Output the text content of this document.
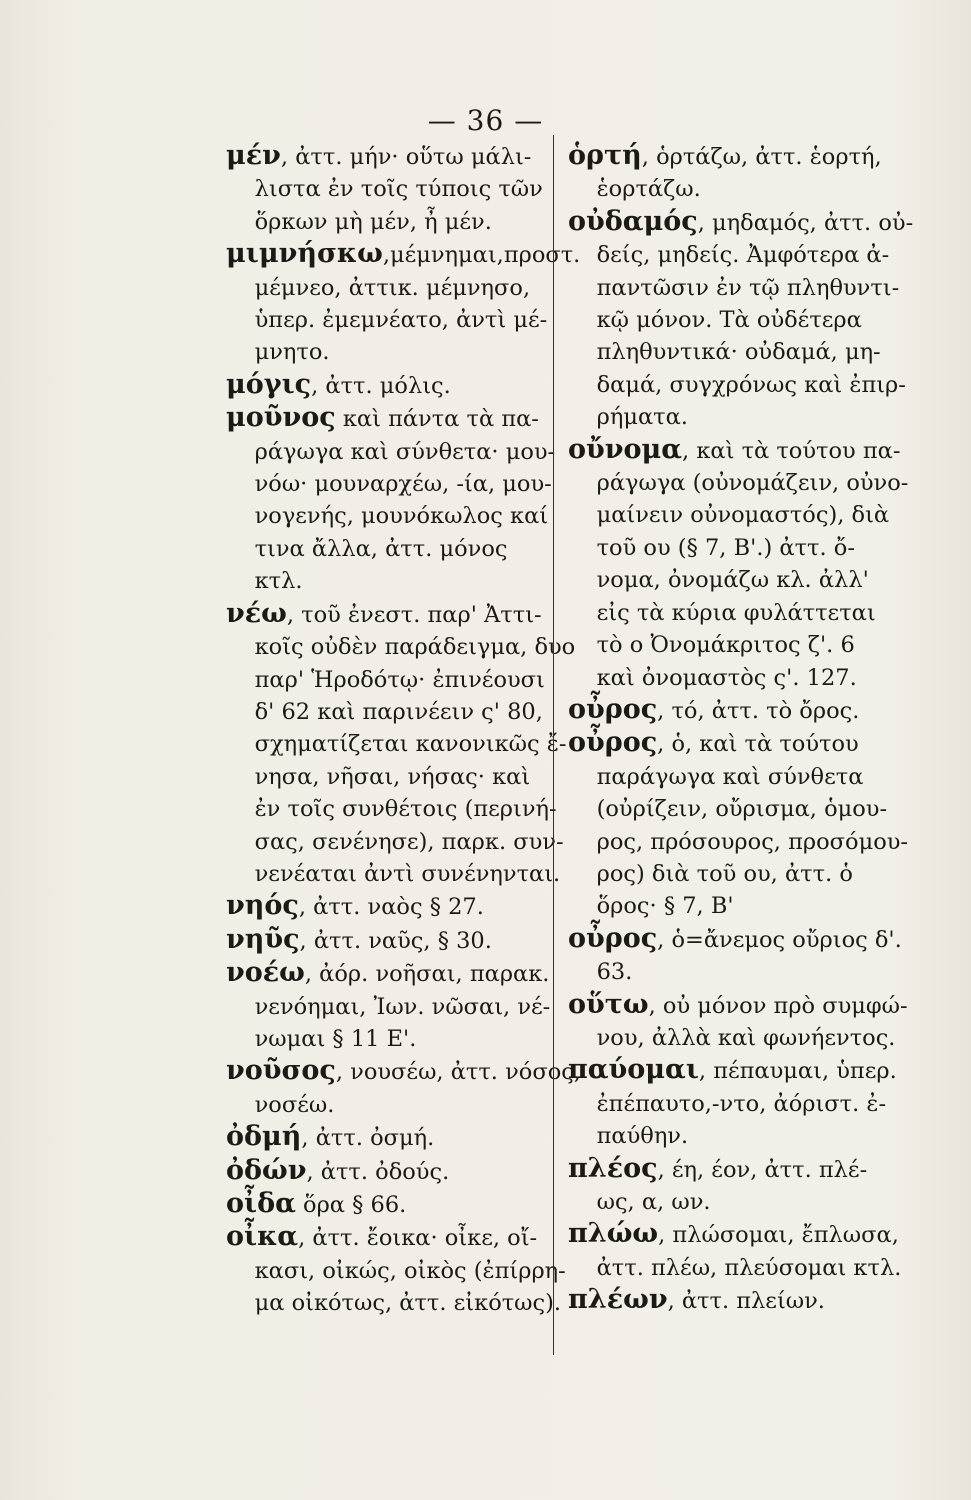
— 36 —
μέν, ἀττ. μήν· οὕτω μάλι-
λιστα ἐν τοῖς τύποις τῶν
ὅρκων μὴ μέν, ἦ μέν.
μιμνήσκω,μέμνημαι,προστ.
μέμνεο, ἀττικ. μέμνησο,
ὑπερ. ἐμεμνέατο, ἀντὶ μέ-
μνητο.
μόγις, ἀττ. μόλις.
μοῦνος καὶ πάντα τὰ πα-
ράγωγα καὶ σύνθετα· μου-
νόω· μουναρχέω, -ία, μου-
νογενής, μουνόκωλος καί
τινα ἄλλα, ἀττ. μόνος
κτλ.
νέω, τοῦ ἐνεστ. παρ' Ἀττι-
κοῖς οὐδὲν παράδειγμα, δυο
παρ' Ἡροδότῳ· ἐπινέουσι
δ' 62 καὶ παρινέειν ς' 80,
σχηματίζεται κανονικῶς ἔ-
νησα, νῆσαι, νήσας· καὶ
ἐν τοῖς συνθέτοις (περινή-
σας, σενένησε), παρκ. συν-
νενέαται ἀντὶ συνένηνται.
νηός, ἀττ. ναὸς § 27.
νηῦς, ἀττ. ναῦς, § 30.
νοέω, ἀόρ. νοῆσαι, παρακ.
νενόημαι, Ἰων. νῶσαι, νέ-
νωμαι § 11 Ε'.
νοῦσος, νουσέω, ἀττ. νόσος,
νοσέω.
ὀδμή, ἀττ. ὀσμή.
ὀδών, ἀττ. ὀδούς.
οἶδα ὅρα § 66.
οἶκα, ἀττ. ἔοικα· οἶκε, οἴ-
κασι, οἰκώς, οἰκὸς (ἐπίρρη-
μα οἰκότως, ἀττ. εἰκότως).
ὁρτή, ὁρτάζω, ἀττ. ἑορτή,
ἑορτάζω.
οὐδαμός, μηδαμός, ἀττ. οὐ-
δείς, μηδείς. Ἀμφότερα ἀ-
παντῶσιν ἐν τῷ πληθυντι-
κῷ μόνον. Τὰ οὐδέτερα
πληθυντικά· οὐδαμά, μη-
δαμά, συγχρόνως καὶ ἐπιρ-
ρήματα.
οὔνομα, καὶ τὰ τούτου πα-
ράγωγα (οὐνομάζειν, οὐνο-
μαίνειν οὐνομαστός), διὰ
τοῦ ου (§ 7, Β'.) ἀττ. ὄ-
νομα, ὀνομάζω κλ. ἀλλ'
εἰς τὰ κύρια φυλάττεται
τὸ ο Ὀνομάκριτος ζ'. 6
καὶ ὀνομαστὸς ς'. 127.
οὖρος, τό, ἀττ. τὸ ὄρος.
οὖρος, ὁ, καὶ τὰ τούτου
παράγωγα καὶ σύνθετα
(οὐρίζειν, οὔρισμα, ὁμου-
ρος, πρόσουρος, προσόμου-
ρος) διὰ τοῦ ου, ἀττ. ὁ
ὅρος· § 7, Β'
οὖρος, ὁ=ἄνεμος οὔριος δ'.
63.
οὕτω, οὐ μόνον πρὸ συμφώ-
νου, ἀλλὰ καὶ φωνήεντος.
παύομαι, πέπαυμαι, ὑπερ.
ἐπέπαυτο,-ντο, ἀόριστ. ἐ-
παύθην.
πλέος, έη, έον, ἀττ. πλέ-
ως, α, ων.
πλώω, πλώσομαι, ἔπλωσα,
ἀττ. πλέω, πλεύσομαι κτλ.
πλέων, ἀττ. πλείων.
